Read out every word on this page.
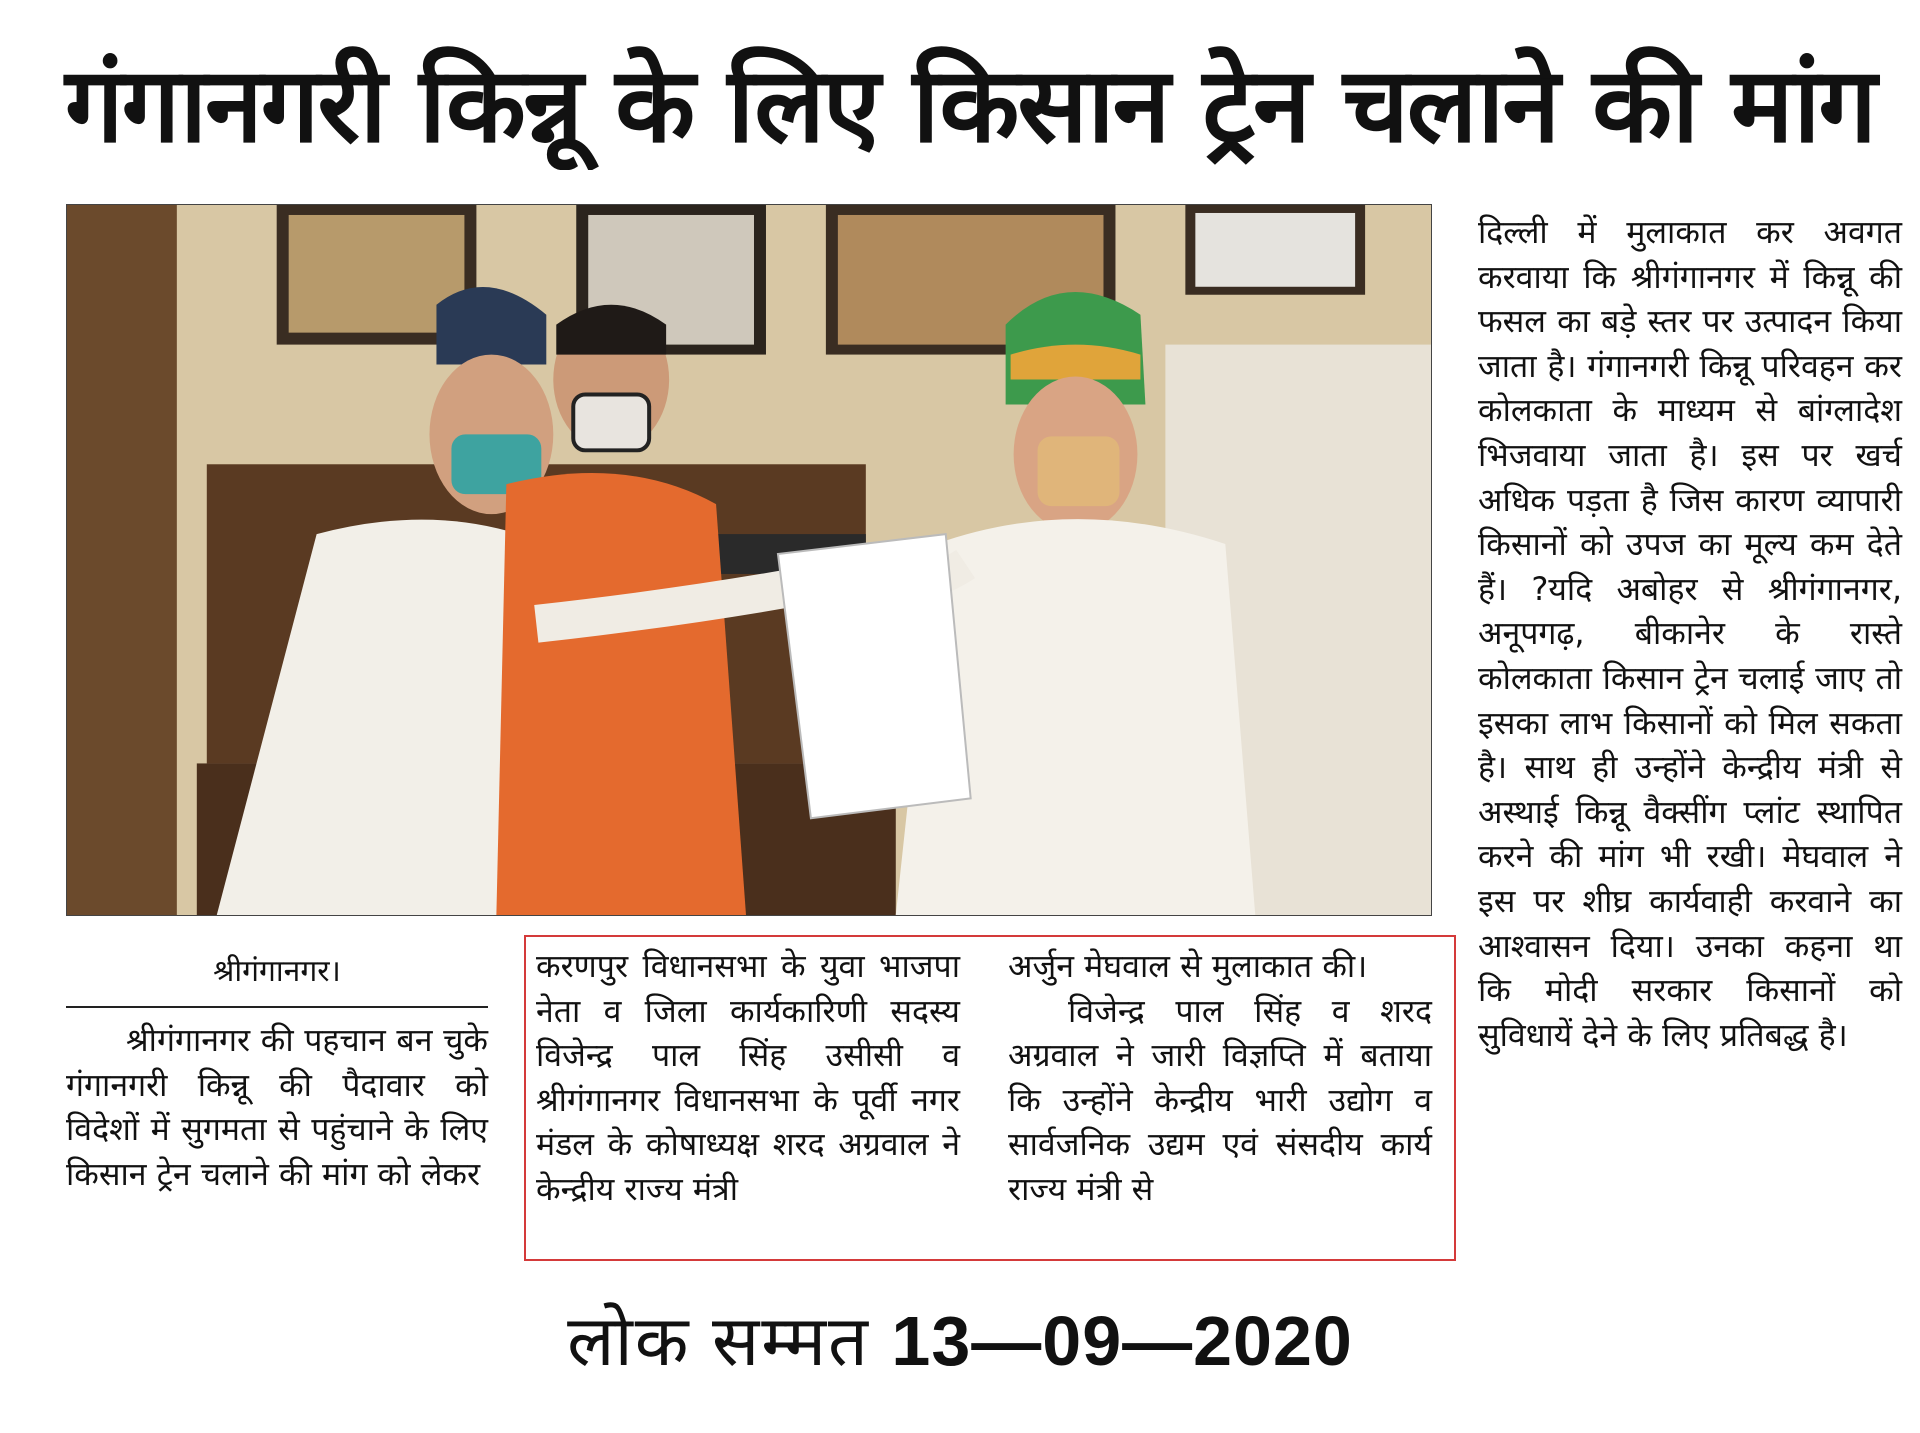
गंगानगरी किन्नू के लिए किसान ट्रेन चलाने की मांग
श्रीगंगानगर।
श्रीगंगानगर की पहचान बन चुके गंगानगरी किन्नू की पैदावार को विदेशों में सुगमता से पहुंचाने के लिए किसान ट्रेन चलाने की मांग को लेकर
करणपुर विधानसभा के युवा भाजपा नेता व जिला कार्यकारिणी सदस्य विजेन्द्र पाल सिंह उसीसी व श्रीगंगानगर विधानसभा के पूर्वी नगर मंडल के कोषाध्यक्ष शरद अग्रवाल ने केन्द्रीय राज्य मंत्री
अर्जुन मेघवाल से मुलाकात की।
विजेन्द्र पाल सिंह व शरद अग्रवाल ने जारी विज्ञप्ति में बताया कि उन्होंने केन्द्रीय भारी उद्योग व सार्वजनिक उद्यम एवं संसदीय कार्य राज्य मंत्री से
दिल्ली में मुलाकात कर अवगत करवाया कि श्रीगंगानगर में किन्नू की फसल का बड़े स्तर पर उत्पादन किया जाता है। गंगानगरी किन्नू परिवहन कर कोलकाता के माध्यम से बांग्लादेश भिजवाया जाता है। इस पर खर्च अधिक पड़ता है जिस कारण व्यापारी किसानों को उपज का मूल्य कम देते हैं। ?यदि अबोहर से श्रीगंगानगर, अनूपगढ़, बीकानेर के रास्ते कोलकाता किसान ट्रेन चलाई जाए तो इसका लाभ किसानों को मिल सकता है। साथ ही उन्होंने केन्द्रीय मंत्री से अस्थाई किन्नू वैक्सींग प्लांट स्थापित करने की मांग भी रखी। मेघवाल ने इस पर शीघ्र कार्यवाही करवाने का आश्वासन दिया। उनका कहना था कि मोदी सरकार किसानों को सुविधायें देने के लिए प्रतिबद्ध है।
लोक सम्मत 13—09—2020
